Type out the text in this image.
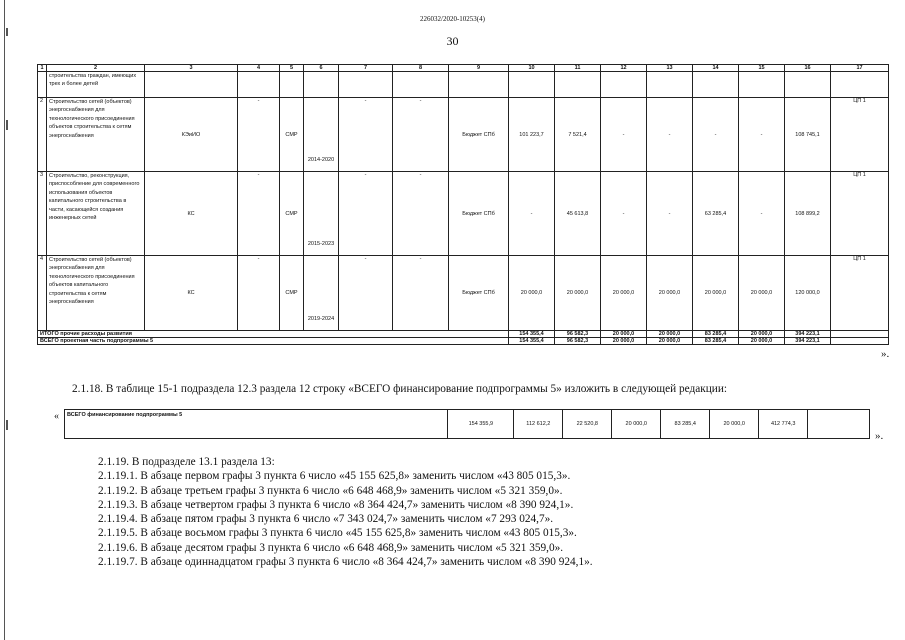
226032/2020-10253(4)
30
1	2	3	4	5	6	7	8	9	10	11	12	13	14	15	16	17
	строительства граждан, имеющих трех и более детей															
2	Строительство сетей (объектов) энергоснабжения для технологического присоединения объектов строительства к сетям энергоснабжения	КЭиИО	-	СМР	2014-2020	-	-	Бюджет СПб	101 223,7	7 521,4	-	-	-	-	108 745,1	ЦП 1
3	Строительство, реконструкция, приспособление для современного использования объектов капитального строительства в части, касающейся создания инженерных сетей	КС	-	СМР	2015-2023	-	-	Бюджет СПб	-	45 613,8	-	-	63 285,4	-	108 899,2	ЦП 1
4	Строительство сетей (объектов) энергоснабжения для технологического присоединения объектов капитального строительства к сетям энергоснабжения	КС	-	СМР	2019-2024	-	-	Бюджет СПб	20 000,0	20 000,0	20 000,0	20 000,0	20 000,0	20 000,0	120 000,0	ЦП 1
ИТОГО прочие расходы развития									154 355,4	96 582,3	20 000,0	20 000,0	83 285,4	20 000,0	394 223,1	
ВСЕГО проектная часть подпрограммы 5									154 355,4	96 582,3	20 000,0	20 000,0	83 285,4	20 000,0	394 223,1	
».
2.1.18. В таблице 15-1 подраздела 12.3 раздела 12 строку «ВСЕГО финансирование подпрограммы 5» изложить в следующей редакции:
« ВСЕГО финансирование подпрограммы 5	154 355,9	112 612,2	22 520,8	20 000,0	83 285,4	20 000,0	412 774,3	
».
2.1.19. В подразделе 13.1 раздела 13:
2.1.19.1. В абзаце первом графы 3 пункта 6 число «45 155 625,8» заменить числом «43 805 015,3».
2.1.19.2. В абзаце третьем графы 3 пункта 6 число «6 648 468,9» заменить числом «5 321 359,0».
2.1.19.3. В абзаце четвертом графы 3 пункта 6 число «8 364 424,7» заменить числом «8 390 924,1».
2.1.19.4. В абзаце пятом графы 3 пункта 6 число «7 343 024,7» заменить числом «7 293 024,7».
2.1.19.5. В абзаце восьмом графы 3 пункта 6 число «45 155 625,8» заменить числом «43 805 015,3».
2.1.19.6. В абзаце десятом графы 3 пункта 6 число «6 648 468,9» заменить числом «5 321 359,0».
2.1.19.7. В абзаце одиннадцатом графы 3 пункта 6 число «8 364 424,7» заменить числом «8 390 924,1».
